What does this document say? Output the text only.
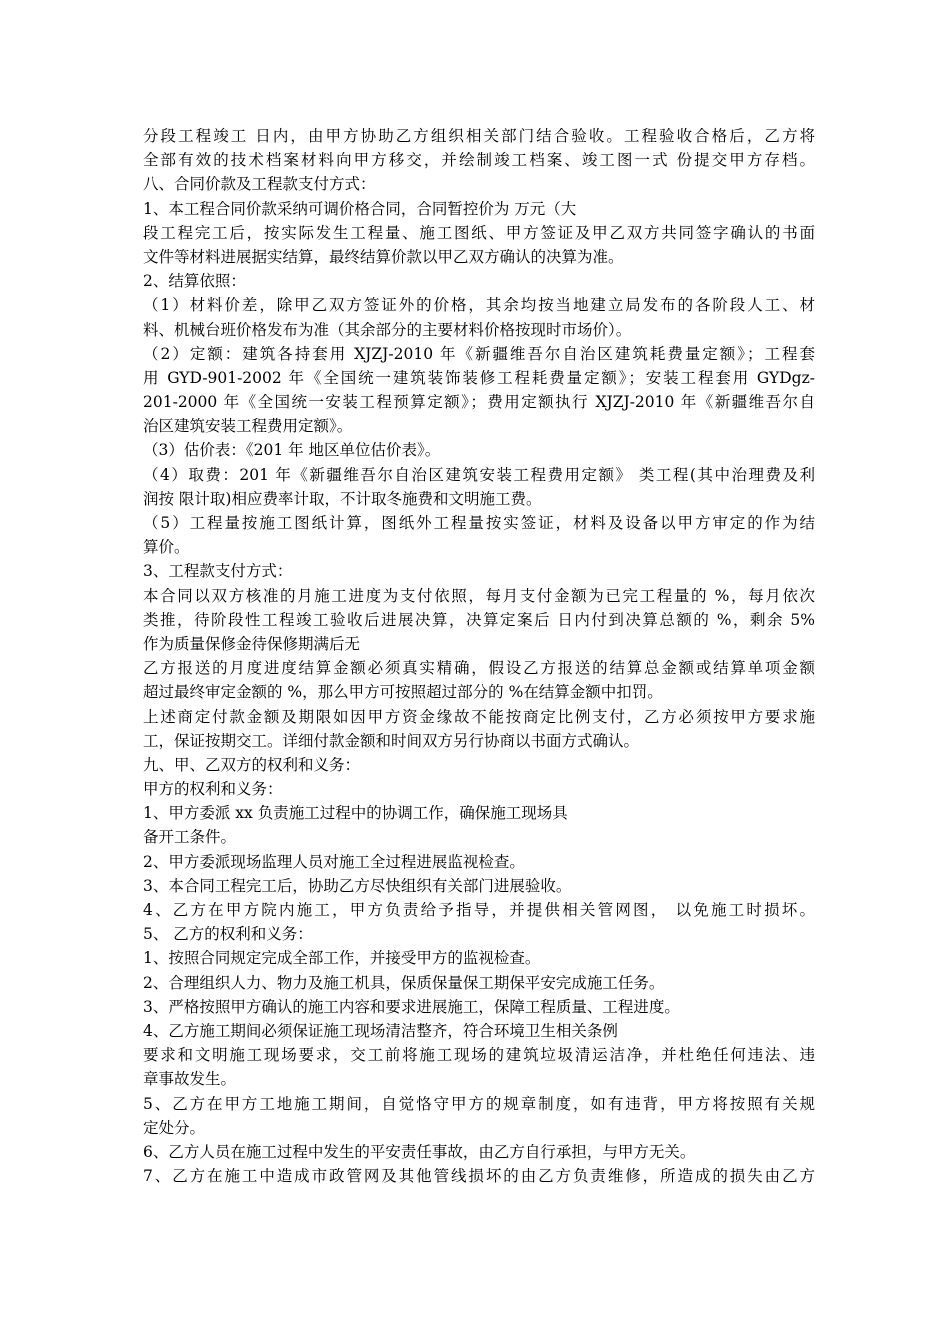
分段工程竣工 日内，由甲方协助乙方组织相关部门结合验收。工程验收合格后，乙方将
全部有效的技术档案材料向甲方移交，并绘制竣工档案、竣工图一式 份提交甲方存档。
八、合同价款及工程款支付方式：
1、本工程合同价款采纳可调价格合同，合同暂控价为 万元（大
段工程完工后，按实际发生工程量、施工图纸、甲方签证及甲乙双方共同签字确认的书面
文件等材料进展据实结算，最终结算价款以甲乙双方确认的决算为准。
2、结算依照：
（1）材料价差，除甲乙双方签证外的价格，其余均按当地建立局发布的各阶段人工、材
料、机械台班价格发布为准（其余部分的主要材料价格按现时市场价）。
（2）定额：建筑各持套用 XJZJ-2010 年《新疆维吾尔自治区建筑耗费量定额》；工程套
用 GYD-901-2002 年《全国统一建筑装饰装修工程耗费量定额》；安装工程套用 GYDgz-
201-2000 年《全国统一安装工程预算定额》；费用定额执行 XJZJ-2010 年《新疆维吾尔自
治区建筑安装工程费用定额》。
（3）估价表：《201 年 地区单位估价表》。
（4）取费：201 年《新疆维吾尔自治区建筑安装工程费用定额》 类工程(其中治理费及利
润按 限计取)相应费率计取，不计取冬施费和文明施工费。
（5）工程量按施工图纸计算，图纸外工程量按实签证，材料及设备以甲方审定的作为结
算价。
3、工程款支付方式：
本合同以双方核准的月施工进度为支付依照，每月支付金额为已完工程量的 %，每月依次
类推，待阶段性工程竣工验收后进展决算，决算定案后 日内付到决算总额的 %，剩余 5%
作为质量保修金待保修期满后无
乙方报送的月度进度结算金额必须真实精确，假设乙方报送的结算总金额或结算单项金额
超过最终审定金额的 %，那么甲方可按照超过部分的 %在结算金额中扣罚。
上述商定付款金额及期限如因甲方资金缘故不能按商定比例支付，乙方必须按甲方要求施
工，保证按期交工。详细付款金额和时间双方另行协商以书面方式确认。
九、甲、乙双方的权利和义务：
甲方的权利和义务：
1、甲方委派 xx 负责施工过程中的协调工作，确保施工现场具
备开工条件。
2、甲方委派现场监理人员对施工全过程进展监视检查。
3、本合同工程完工后，协助乙方尽快组织有关部门进展验收。
4、乙方在甲方院内施工，甲方负责给予指导，并提供相关管网图， 以免施工时损坏。
5、 乙方的权利和义务：
1、按照合同规定完成全部工作，并接受甲方的监视检查。
2、合理组织人力、物力及施工机具，保质保量保工期保平安完成施工任务。
3、严格按照甲方确认的施工内容和要求进展施工，保障工程质量、工程进度。
4、乙方施工期间必须保证施工现场清洁整齐，符合环境卫生相关条例
要求和文明施工现场要求，交工前将施工现场的建筑垃圾清运洁净，并杜绝任何违法、违
章事故发生。
5、乙方在甲方工地施工期间，自觉恪守甲方的规章制度，如有违背，甲方将按照有关规
定处分。
6、乙方人员在施工过程中发生的平安责任事故，由乙方自行承担，与甲方无关。
7、乙方在施工中造成市政管网及其他管线损坏的由乙方负责维修，所造成的损失由乙方
